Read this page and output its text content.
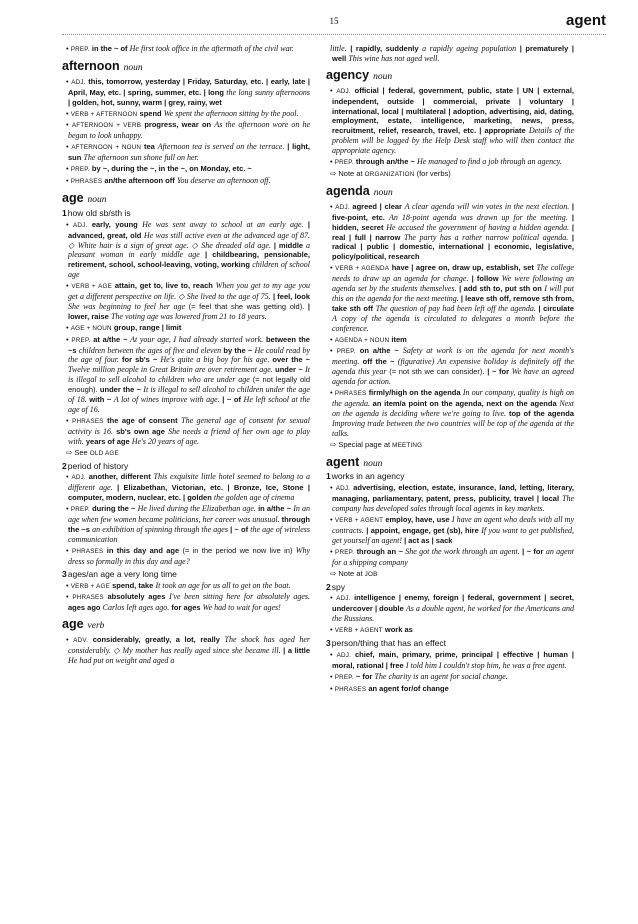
15	agent
• PREP. in the ~ of He first took office in the aftermath of the civil war.
afternoon noun
• ADJ. this, tomorrow, yesterday | Friday, Saturday, etc. | early, late | April, May, etc. | spring, summer, etc. | long the long sunny afternoons | golden, hot, sunny, warm | grey, rainy, wet
• VERB + AFTERNOON spend We spent the afternoon sitting by the pool.
• AFTERNOON + VERB progress, wear on As the afternoon wore on he began to look unhappy.
• AFTERNOON + NOUN tea Afternoon tea is served on the terrace. | light, sun The afternoon sun shone full on her.
• PREP. by ~, during the ~, in the ~, on Monday, etc. ~
• PHRASES an/the afternoon off You deserve an afternoon off.
age noun
1how old sb/sth is
• ADJ. early, young He was sent away to school at an early age. | advanced, great, old He was still active even at the advanced age of 87. ◇ White hair is a sign of great age. ◇ She dreaded old age. | middle a pleasant woman in early middle age | childbearing, pensionable, retirement, school, school-leaving, voting, working children of school age
• VERB + AGE attain, get to, live to, reach When you get to my age you get a different perspective on life. ◇ She lived to the age of 75. | feel, look She was beginning to feel her age (= feel that she was getting old). | lower, raise The voting age was lowered from 21 to 18 years.
• AGE + NOUN group, range | limit
• PREP. at a/the ~ At your age, I had already started work. between the ~s children between the ages of five and eleven by the ~ He could read by the age of four. for sb's ~ He's quite a big boy for his age. over the ~ Twelve million people in Great Britain are over retirement age. under ~ It is illegal to sell alcohol to children who are under age (= not legally old enough). under the ~ It is illegal to sell alcohol to children under the age of 18. with ~ A lot of wines improve with age. | ~ of He left school at the age of 16.
• PHRASES the age of consent The general age of consent for sexual activity is 16. sb's own age She needs a friend of her own age to play with. years of age He's 20 years of age.
⇨ See OLD AGE
2period of history
• ADJ. another, different This exquisite little hotel seemed to belong to a different age. | Elizabethan, Victorian, etc. | Bronze, Ice, Stone | computer, modern, nuclear, etc. | golden the golden age of cinema
• PREP. during the ~ He lived during the Elizabethan age. in a/the ~ In an age when few women became politicians, her career was unusual. through the ~s an exhibition of spinning through the ages | ~ of the age of wireless communication
• PHRASES in this day and age (= in the period we now live in) Why dress so formally in this day and age?
3ages/an age a very long time
• VERB + AGE spend, take It took an age for us all to get on the boat.
• PHRASES absolutely ages I've been sitting here for absolutely ages. ages ago Carlos left ages ago. for ages We had to wait for ages!
age verb
• ADV. considerably, greatly, a lot, really The shock has aged her considerably. ◇ My mother has really aged since she became ill. | a little He had put on weight and aged a
little. | rapidly, suddenly a rapidly ageing population | prematurely | well This wine has not aged well.
agency noun
• ADJ. official | federal, government, public, state | UN | external, independent, outside | commercial, private | voluntary | international, local | multilateral | adoption, advertising, aid, dating, employment, estate, intelligence, marketing, news, press, recruitment, relief, research, travel, etc. | appropriate Details of the problem will be logged by the Help Desk staff who will then contact the appropriate agency.
• PREP. through an/the ~ He managed to find a job through an agency.
⇨ Note at ORGANIZATION (for verbs)
agenda noun
• ADJ. agreed | clear A clear agenda will win votes in the next election. | five-point, etc. An 18-point agenda was drawn up for the meeting. | hidden, secret He accused the government of having a hidden agenda. | real | full | narrow The party has a rather narrow political agenda. | radical | public | domestic, international | economic, legislative, policy/political, research
• VERB + AGENDA have | agree on, draw up, establish, set The college needs to draw up an agenda for change. | follow We were following an agenda set by the students themselves. | add sth to, put sth on I will put this on the agenda for the next meeting. | leave sth off, remove sth from, take sth off The question of pay had been left off the agenda. | circulate A copy of the agenda is circulated to delegates a month before the conference.
• AGENDA + NOUN item
• PREP. on a/the ~ Safety at work is on the agenda for next month's meeting. off the ~ (figurative) An expensive holiday is definitely off the agenda this year (= not sth we can consider). | ~ for We have an agreed agenda for action.
• PHRASES firmly/high on the agenda In our company, quality is high on the agenda. an item/a point on the agenda, next on the agenda Next on the agenda is deciding where we're going to live. top of the agenda Improving trade between the two countries will be top of the agenda at the talks.
⇨ Special page at MEETING
agent noun
1works in an agency
• ADJ. advertising, election, estate, insurance, land, letting, literary, managing, parliamentary, patent, press, publicity, travel | local The company has developed sales through local agents in key markets.
• VERB + AGENT employ, have, use I have an agent who deals with all my contracts. | appoint, engage, get (sb), hire If you want to get published, get yourself an agent! | act as | sack
• PREP. through an ~ She got the work through an agent. | ~ for an agent for a shipping company
⇨ Note at JOB
2spy
• ADJ. intelligence | enemy, foreign | federal, government | secret, undercover | double As a double agent, he worked for the Americans and the Russians.
• VERB + AGENT work as
3person/thing that has an effect
• ADJ. chief, main, primary, prime, principal | effective | human | moral, rational | free I told him I couldn't stop him, he was a free agent.
• PREP. ~ for The charity is an agent for social change.
• PHRASES an agent for/of change
